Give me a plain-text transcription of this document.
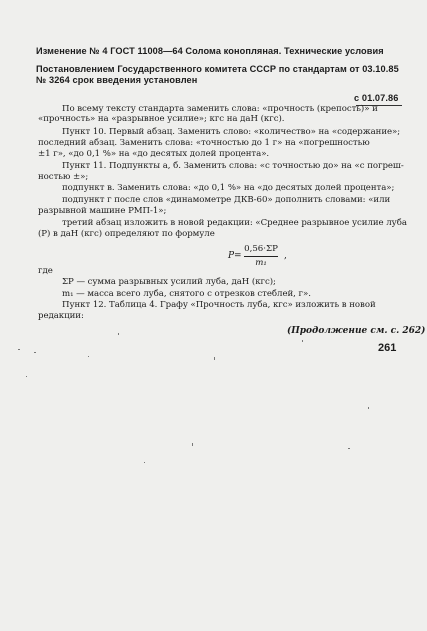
Изменение № 4 ГОСТ 11008—64 Солома конопляная. Технические условия
Постановлением Государственного комитета СССР по стандартам от 03.10.85
№ 3264 срок введения установлен
с 01.07.86
По всему тексту стандарта заменить слова: «прочность (крепость)» и
«прочность» на «разрывное усилие»; кгс на даН (кгс).
Пункт 10. Первый абзац. Заменить слово: «количество» на «содержание»;
последний абзац. Заменить слова: «точностью до 1 г» на «погрешностью
±1 г», «до 0,1 %» на «до десятых долей процента».
Пункт 11. Подпункты а, б. Заменить слова: «с точностью до» на «с погреш-
ностью ±»;
подпункт в. Заменить слова: «до 0,1 %» на «до десятых долей процента»;
подпункт г после слов «динамометре ДКВ-60» дополнить словами: «или
разрывной машине РМП-1»;
третий абзац изложить в новой редакции: «Среднее разрывное усилие луба
(P) в даН (кгс) определяют по формуле
P=
0,56·ΣP
m₁
,
где
ΣP — сумма разрывных усилий луба, даН (кгс);
m₁ — масса всего луба, снятого с отрезков стеблей, г».
Пункт 12. Таблица 4. Графу «Прочность луба, кгс» изложить в новой
редакции:
(Продолжение см. с. 262)
261
